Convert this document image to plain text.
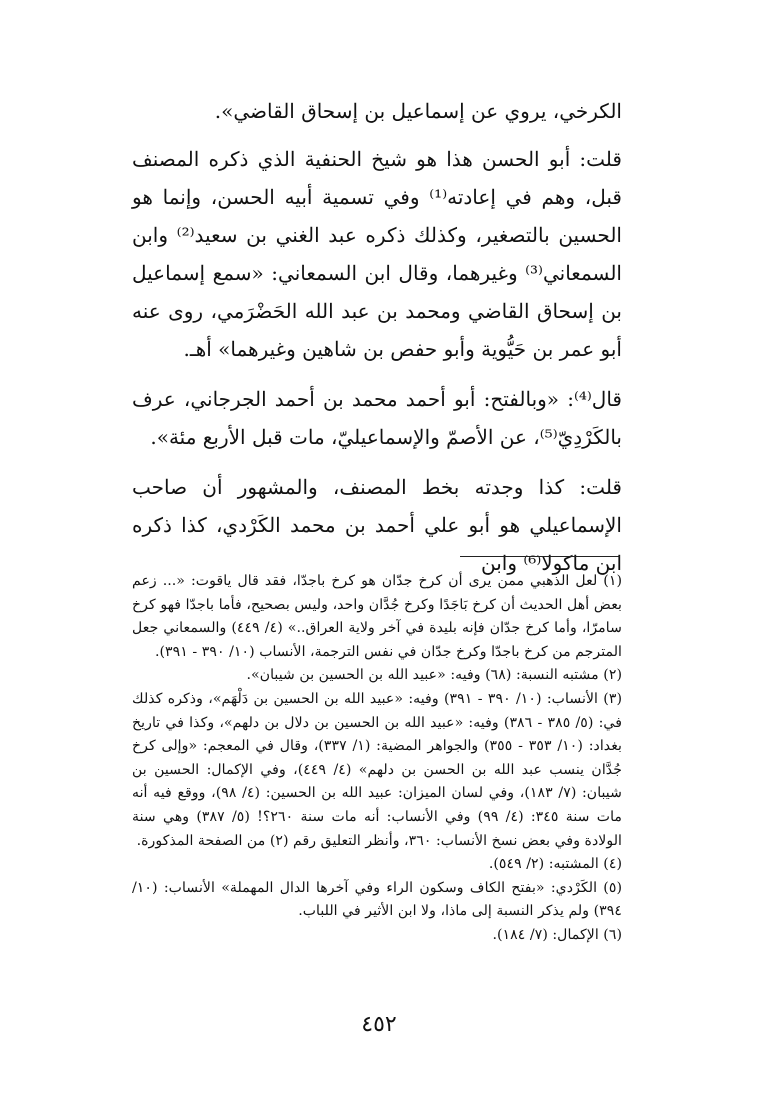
الكرخي، يروي عن إسماعيل بن إسحاق القاضي».

قلت: أبو الحسن هذا هو شيخ الحنفية الذي ذكره المصنف قبل، وهم في إعادته⁽¹⁾ وفي تسمية أبيه الحسن، وإنما هو الحسين بالتصغير، وكذلك ذكره عبد الغني بن سعيد⁽²⁾ وابن السمعاني⁽³⁾ وغيرهما، وقال ابن السمعاني: «سمع إسماعيل بن إسحاق القاضي ومحمد بن عبد الله الحَضْرَمي، روى عنه أبو عمر بن حَيُّوية وأبو حفص بن شاهين وغيرهما» أهـ.

قال⁽⁴⁾: «وبالفتح: أبو أحمد محمد بن أحمد الجرجاني، عرف بالكَرْدِيّ⁽⁵⁾، عن الأصمّ والإسماعيليّ، مات قبل الأربع مئة».

قلت: كذا وجدته بخط المصنف، والمشهور أن صاحب الإسماعيلي هو أبو علي أحمد بن محمد الكَرْدي، كذا ذكره ابن ماكولا⁽⁶⁾ وابن

(١) لعل الذهبي ممن يرى أن كرخ جدّان هو كرخ باجدّا، فقد قال ياقوت: «... زعم بعض أهل الحديث أن كرخ بَاجَدًا وكرخ جُدَّان واحد، وليس بصحيح، فأما باجدّا فهو كرخ سامرّا، وأما كرخ جدّان فإنه بليدة في آخر ولاية العراق..» (٤/ ٤٤٩) والسمعاني جعل المترجم من كرخ باجدّا وكرخ جدّان في نفس الترجمة، الأنساب (١٠/ ٣٩٠ - ٣٩١).

(٢) مشتبه النسبة: (٦٨) وفيه: «عبيد الله بن الحسين بن شيبان».

(٣) الأنساب: (١٠/ ٣٩٠ - ٣٩١) وفيه: «عبيد الله بن الحسين بن دَلْهَم»، وذكره كذلك في: (٥/ ٣٨٥ - ٣٨٦) وفيه: «عبيد الله بن الحسين بن دلال بن دلهم»، وكذا في تاريخ بغداد: (١٠/ ٣٥٣ - ٣٥٥) والجواهر المضية: (١/ ٣٣٧)، وقال في المعجم: «وإلى كرخ جُدَّان ينسب عبد الله بن الحسن بن دلهم» (٤/ ٤٤٩)، وفي الإكمال: الحسين بن شيبان: (٧/ ١٨٣)، وفي لسان الميزان: عبيد الله بن الحسين: (٤/ ٩٨)، ووقع فيه أنه مات سنة ٣٤٥: (٤/ ٩٩) وفي الأنساب: أنه مات سنة ٢٦٠؟! (٥/ ٣٨٧) وهي سنة الولادة وفي بعض نسخ الأنساب: ٣٦٠، وأنظر التعليق رقم (٢) من الصفحة المذكورة.

(٤) المشتبه: (٢/ ٥٤٩).

(٥) الكَرْدي: «بفتح الكاف وسكون الراء وفي آخرها الدال المهملة» الأنساب: (١٠/ ٣٩٤) ولم يذكر النسبة إلى ماذا، ولا ابن الأثير في اللباب.

(٦) الإكمال: (٧/ ١٨٤).

٤٥٢
